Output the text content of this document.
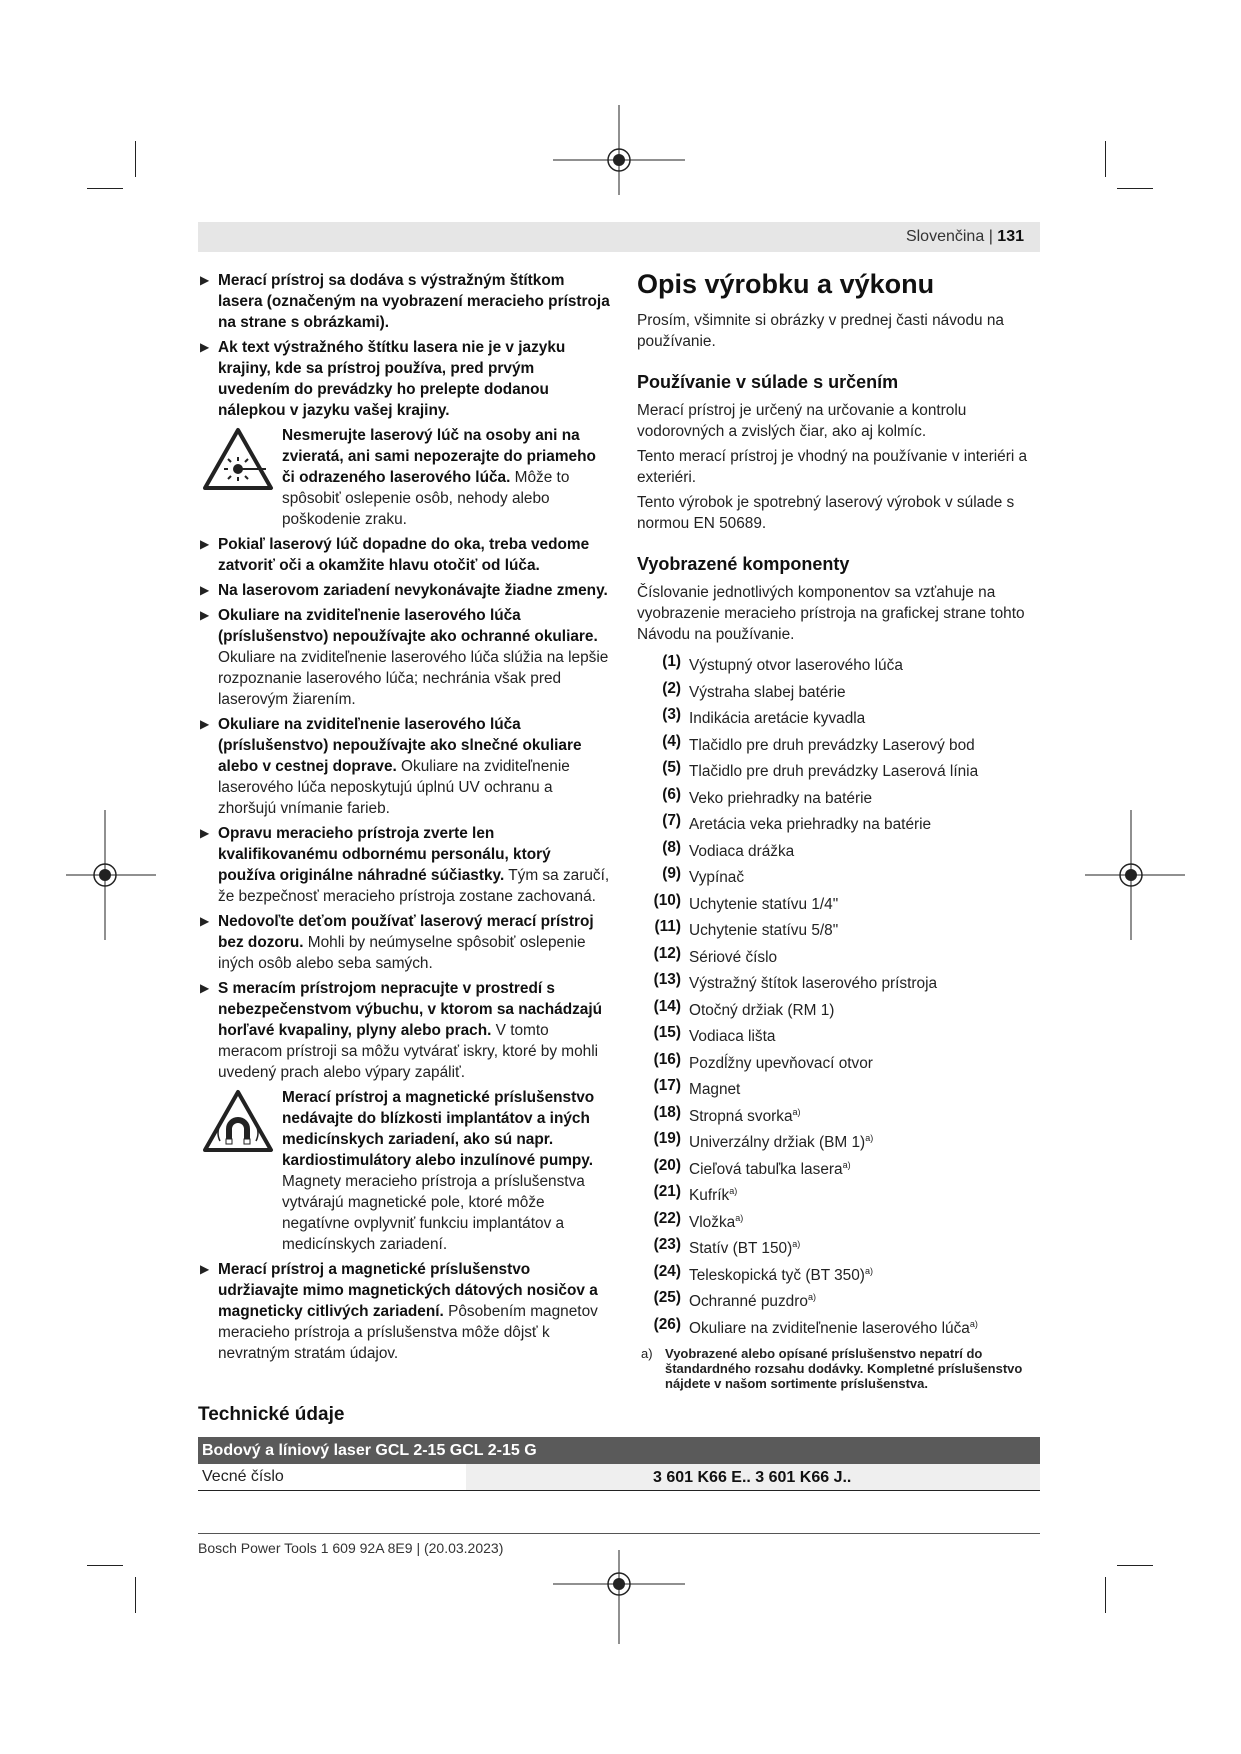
Slovenčina | 131
▶ Merací prístroj sa dodáva s výstražným štítkom lasera (označeným na vyobrazení meracieho prístroja na strane s obrázkami).
▶ Ak text výstražného štítku lasera nie je v jazyku krajiny, kde sa prístroj používa, pred prvým uvedením do prevádzky ho prelepte dodanou nálepkou v jazyku vašej krajiny.
Nesmerujte laserový lúč na osoby ani na zvieratá, ani sami nepozerajte do priameho či odrazeného laserového lúča. Môže to spôsobiť oslepenie osôb, nehody alebo poškodenie zraku.
▶ Pokiaľ laserový lúč dopadne do oka, treba vedome zatvoriť oči a okamžite hlavu otočiť od lúča.
▶ Na laserovom zariadení nevykonávajte žiadne zmeny.
▶ Okuliare na zviditeľnenie laserového lúča (príslušenstvo) nepoužívajte ako ochranné okuliare. Okuliare na zviditeľnenie laserového lúča slúžia na lepšie rozpoznanie laserového lúča; nechránia však pred laserovým žiarením.
▶ Okuliare na zviditeľnenie laserového lúča (príslušenstvo) nepoužívajte ako slnečné okuliare alebo v cestnej doprave. Okuliare na zviditeľnenie laserového lúča neposkytujú úplnú UV ochranu a zhoršujú vnímanie farieb.
▶ Opravu meracieho prístroja zverte len kvalifikovanému odbornému personálu, ktorý používa originálne náhradné súčiastky. Tým sa zaručí, že bezpečnosť meracieho prístroja zostane zachovaná.
▶ Nedovoľte deťom používať laserový merací prístroj bez dozoru. Mohli by neúmyselne spôsobiť oslepenie iných osôb alebo seba samých.
▶ S meracím prístrojom nepracujte v prostredí s nebezpečenstvom výbuchu, v ktorom sa nachádzajú horľavé kvapaliny, plyny alebo prach. V tomto meracom prístroji sa môžu vytvárať iskry, ktoré by mohli uvedený prach alebo výpary zapáliť.
Merací prístroj a magnetické príslušenstvo nedávajte do blízkosti implantátov a iných medicínskych zariadení, ako sú napr. kardiostimulátory alebo inzulínové pumpy. Magnety meracieho prístroja a príslušenstva vytvárajú magnetické pole, ktoré môže negatívne ovplyvniť funkciu implantátov a medicínskych zariadení.
▶ Merací prístroj a magnetické príslušenstvo udržiavajte mimo magnetických dátových nosičov a magneticky citlivých zariadení. Pôsobením magnetov meracieho prístroja a príslušenstva môže dôjsť k nevratným stratám údajov.
Opis výrobku a výkonu

Prosím, všimnite si obrázky v prednej časti návodu na používanie.

Používanie v súlade s určením

Merací prístroj je určený na určovanie a kontrolu vodorovných a zvislých čiar, ako aj kolmíc.

Tento merací prístroj je vhodný na používanie v interiéri a exteriéri.

Tento výrobok je spotrebný laserový výrobok v súlade s normou EN 50689.

Vyobrazené komponenty

Číslovanie jednotlivých komponentov sa vzťahuje na vyobrazenie meracieho prístroja na grafickej strane tohto Návodu na používanie.

(1) Výstupný otvor laserového lúča
(2) Výstraha slabej batérie
(3) Indikácia aretácie kyvadla
(4) Tlačidlo pre druh prevádzky Laserový bod
(5) Tlačidlo pre druh prevádzky Laserová línia
(6) Veko priehradky na batérie
(7) Aretácia veka priehradky na batérie
(8) Vodiaca drážka
(9) Vypínač
(10) Uchytenie statívu 1/4"
(11) Uchytenie statívu 5/8"
(12) Sériové číslo
(13) Výstražný štítok laserového prístroja
(14) Otočný držiak (RM 1)
(15) Vodiaca lišta
(16) Pozdĺžny upevňovací otvor
(17) Magnet
(18) Stropná svorka$^{a)}$
(19) Univerzálny držiak (BM 1)$^{a)}$
(20) Cieľová tabuľka lasera$^{a)}$
(21) Kufrík$^{a)}$
(22) Vložka$^{a)}$
(23) Statív (BT 150)$^{a)}$
(24) Teleskopická tyč (BT 350)$^{a)}$
(25) Ochranné puzdro$^{a)}$
(26) Okuliare na zviditeľnenie laserového lúča$^{a)}$
a) Vyobrazené alebo opísané príslušenstvo nepatrí do štandardného rozsahu dodávky. Kompletné príslušenstvo nájdete v našom sortimente príslušenstva.
Technické údaje
Bodový a líniový laser GCL 2-15 GCL 2-15 G
Vecné číslo	3 601 K66 E.. 3 601 K66 J..
Bosch Power Tools 1 609 92A 8E9 | (20.03.2023)
